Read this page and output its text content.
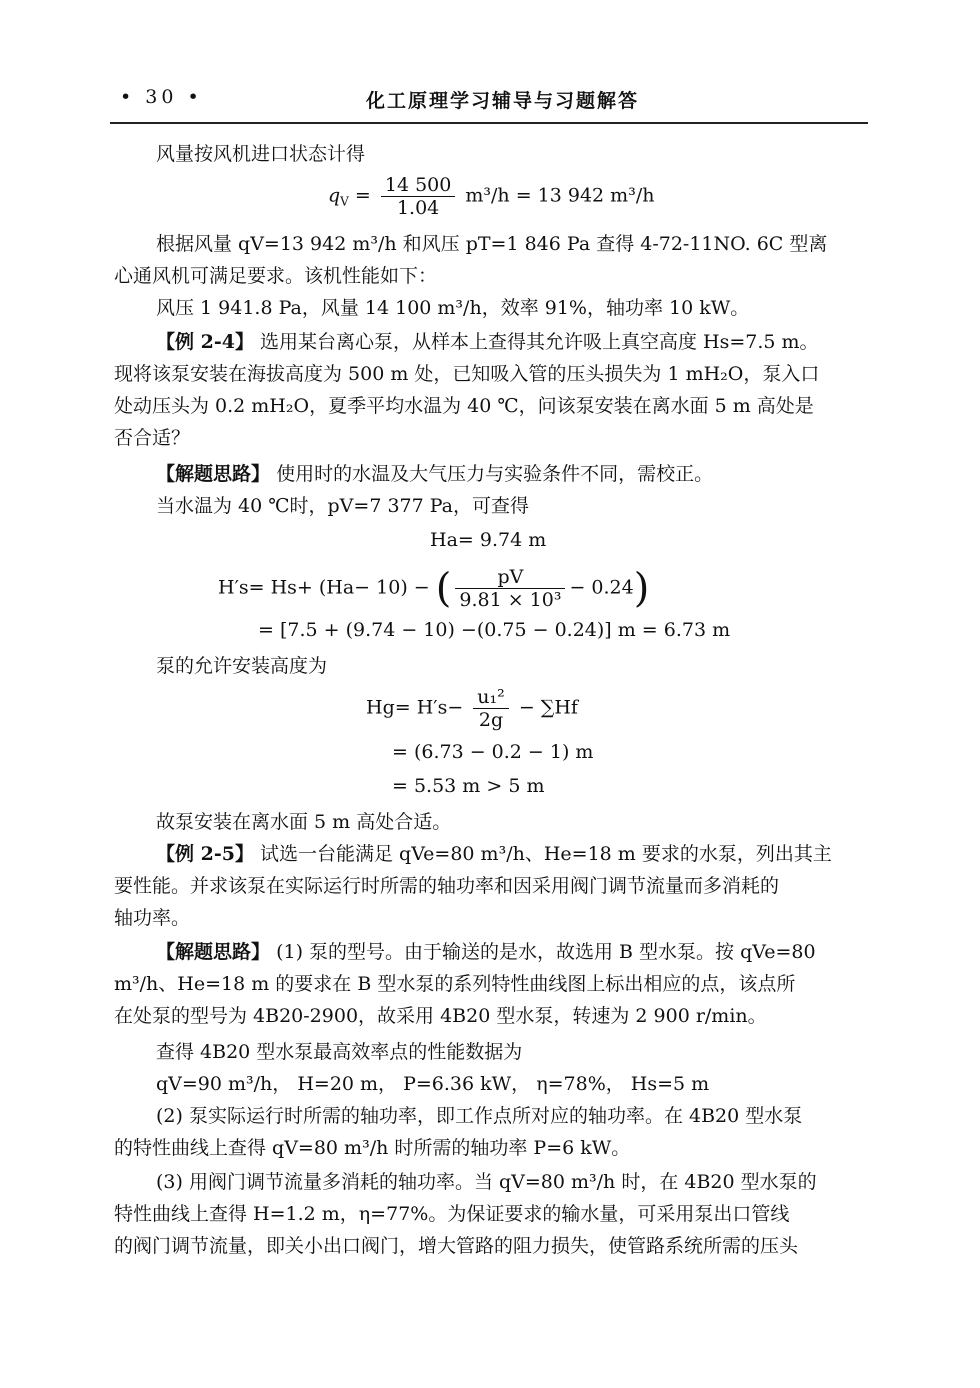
• 30 •	化工原理学习辅导与习题解答
风量按风机进口状态计得
$q_V = \frac{14 500}{1.04} m^3/h = 13$ 942 m³/h
根据风量 qV=13 942 m³/h 和风压 pT=1 846 Pa 查得 4-72-11NO. 6C 型离
心通风机可满足要求。该机性能如下：
风压 1 941.8 Pa，风量 14 100 m³/h，效率 91%，轴功率 10 kW。
【例 2-4】 选用某台离心泵，从样本上查得其允许吸上真空高度 Hs=7.5 m。
现将该泵安装在海拔高度为 500 m 处，已知吸入管的压头损失为 1 mH₂O，泵入口
处动压头为 0.2 mH₂O，夏季平均水温为 40 ℃，问该泵安装在离水面 5 m 高处是
否合适？
【解题思路】 使用时的水温及大气压力与实验条件不同，需校正。
当水温为 40 ℃时，pV=7 377 Pa，可查得
Ha= 9.74 m
H′s= Hs+ (Ha− 10) − ( $\frac{pV}{\text{9.81 × 10³}} - 0.24$)
= [7.5 + (9.74 − 10) −(0.75 − 0.24)] m = 6.73 m
泵的允许安装高度为
$Hg= H's- \frac{\text{u₁²}}{2g} - \sum Hf$
= (6.73 − 0.2 − 1) m
= 5.53 m > 5 m
故泵安装在离水面 5 m 高处合适。
【例 2-5】 试选一台能满足 qVe=80 m³/h、He=18 m 要求的水泵，列出其主
要性能。并求该泵在实际运行时所需的轴功率和因采用阀门调节流量而多消耗的
轴功率。
【解题思路】 (1) 泵的型号。由于输送的是水，故选用 B 型水泵。按 qVe=80
m³/h、He=18 m 的要求在 B 型水泵的系列特性曲线图上标出相应的点，该点所
在处泵的型号为 4B20-2900，故采用 4B20 型水泵，转速为 2 900 r/min。
查得 4B20 型水泵最高效率点的性能数据为
qV=90 m³/h， H=20 m， P=6.36 kW， η=78%， Hs=5 m
(2) 泵实际运行时所需的轴功率，即工作点所对应的轴功率。在 4B20 型水泵
的特性曲线上查得 qV=80 m³/h 时所需的轴功率 P=6 kW。
(3) 用阀门调节流量多消耗的轴功率。当 qV=80 m³/h 时，在 4B20 型水泵的
特性曲线上查得 H=1.2 m，η=77%。为保证要求的输水量，可采用泵出口管线
的阀门调节流量，即关小出口阀门，增大管路的阻力损失，使管路系统所需的压头
